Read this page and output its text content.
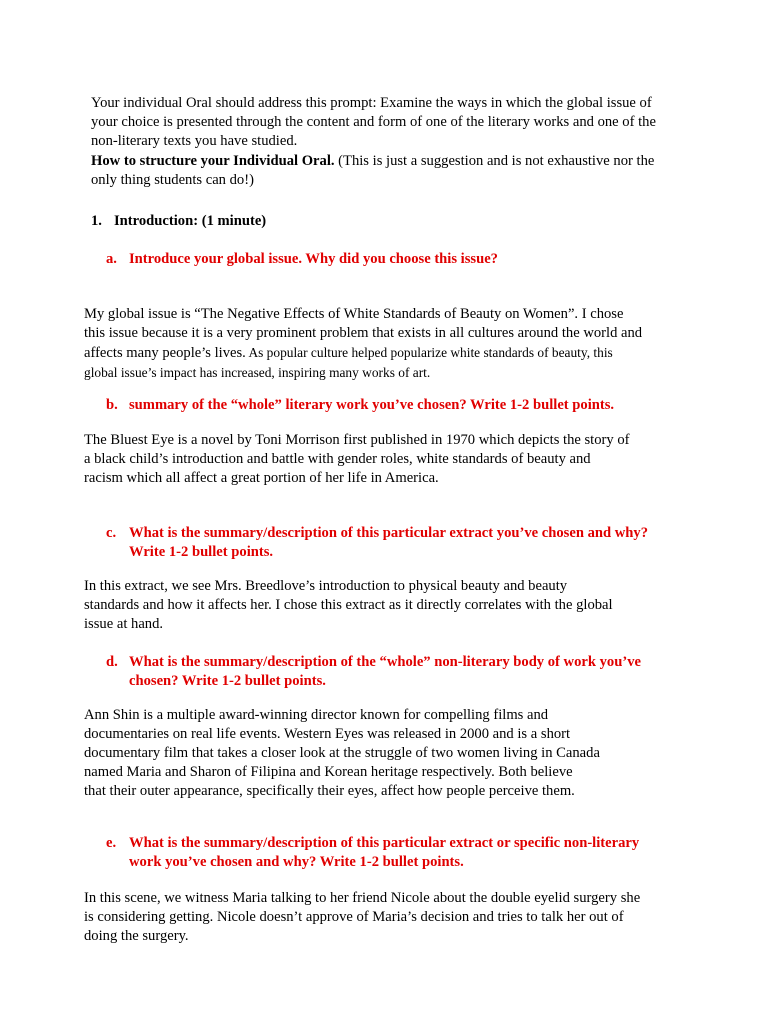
Your individual Oral should address this prompt: Examine the ways in which the global issue of
your choice is presented through the content and form of one of the literary works and one of the
non-literary texts you have studied.
How to structure your Individual Oral. (This is just a suggestion and is not exhaustive nor the
only thing students can do!)
1. Introduction: (1 minute)
a. Introduce your global issue. Why did you choose this issue?
My global issue is “The Negative Effects of White Standards of Beauty on Women”. I chose
this issue because it is a very prominent problem that exists in all cultures around the world and
affects many people’s lives. As popular culture helped popularize white standards of beauty, this
global issue’s impact has increased, inspiring many works of art.
b. summary of the “whole” literary work you’ve chosen? Write 1-2 bullet points.
The Bluest Eye is a novel by Toni Morrison first published in 1970 which depicts the story of
a black child’s introduction and battle with gender roles, white standards of beauty and
racism which all affect a great portion of her life in America.
c. What is the summary/description of this particular extract you’ve chosen and why?
Write 1-2 bullet points.
In this extract, we see Mrs. Breedlove’s introduction to physical beauty and beauty
standards and how it affects her. I chose this extract as it directly correlates with the global
issue at hand.
d. What is the summary/description of the “whole” non-literary body of work you’ve
chosen? Write 1-2 bullet points.
Ann Shin is a multiple award-winning director known for compelling films and
documentaries on real life events. Western Eyes was released in 2000 and is a short
documentary film that takes a closer look at the struggle of two women living in Canada
named Maria and Sharon of Filipina and Korean heritage respectively. Both believe
that their outer appearance, specifically their eyes, affect how people perceive them.
e. What is the summary/description of this particular extract or specific non-literary
work you’ve chosen and why? Write 1-2 bullet points.
In this scene, we witness Maria talking to her friend Nicole about the double eyelid surgery she
is considering getting. Nicole doesn’t approve of Maria’s decision and tries to talk her out of
doing the surgery.
